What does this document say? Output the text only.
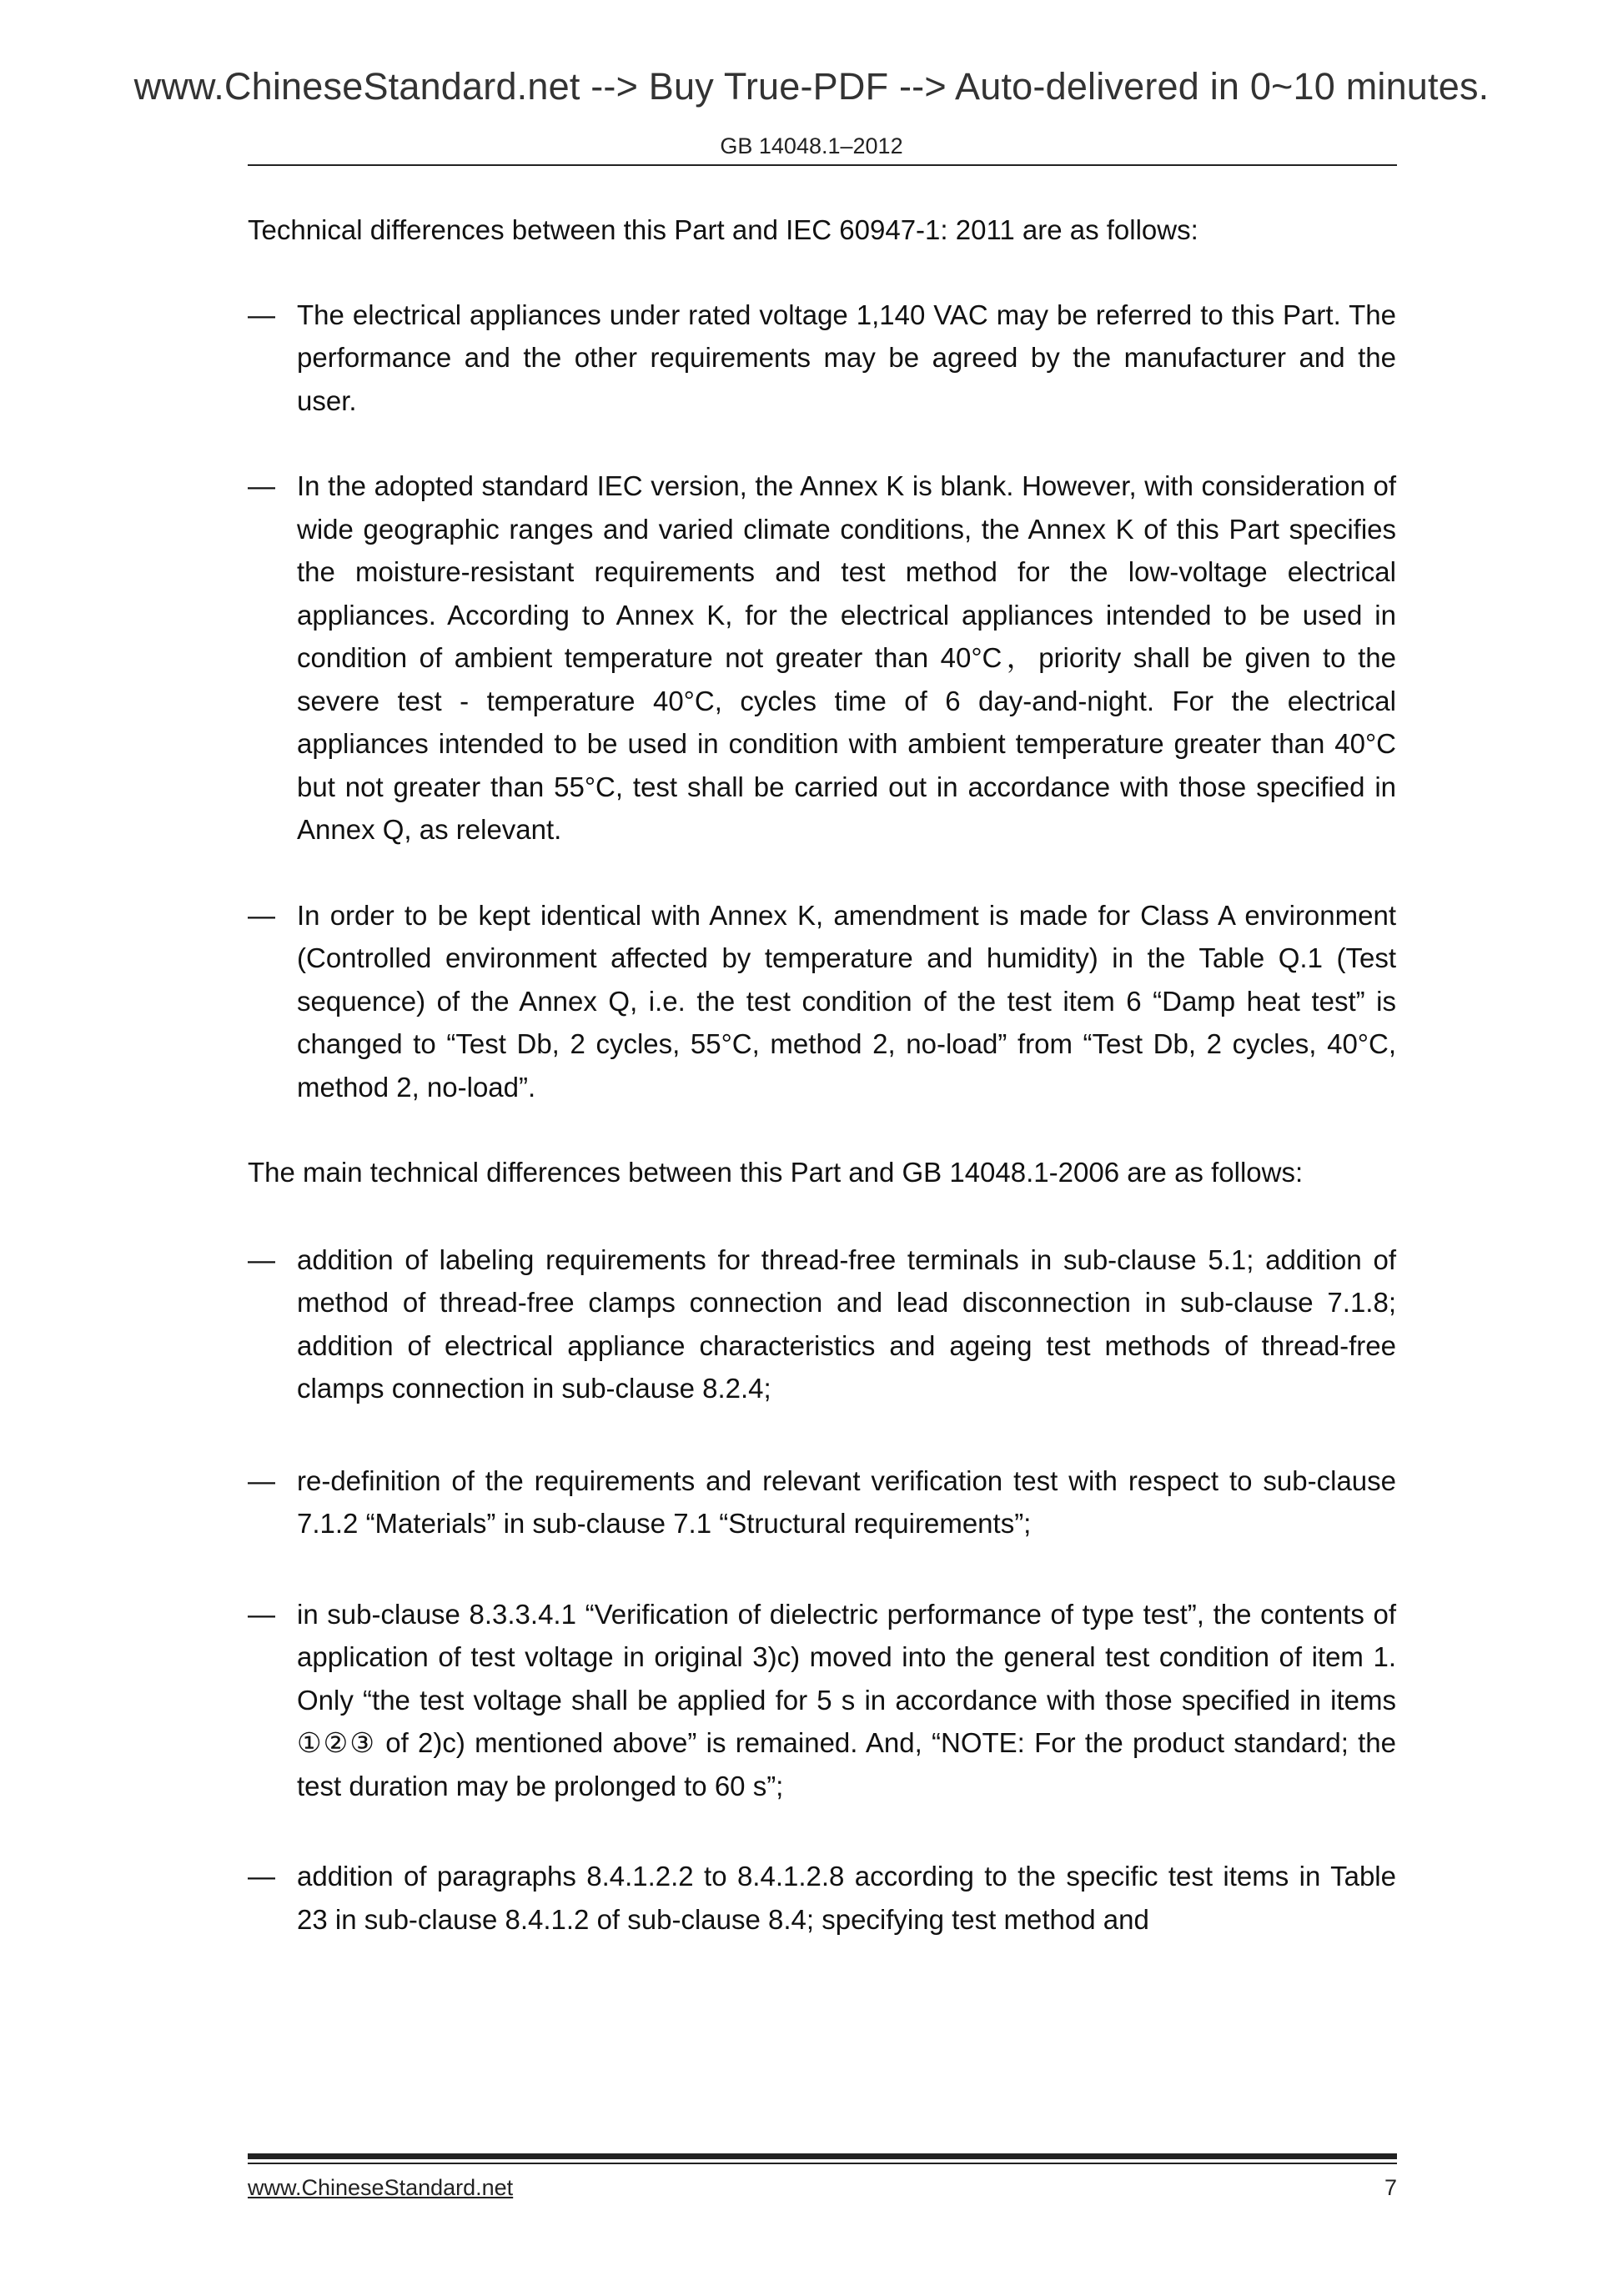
www.ChineseStandard.net --> Buy True-PDF --> Auto-delivered in 0~10 minutes.
GB 14048.1–2012

Technical differences between this Part and IEC 60947-1: 2011 are as follows:

— The electrical appliances under rated voltage 1,140 VAC may be referred to this Part. The performance and the other requirements may be agreed by the manufacturer and the user.
— In the adopted standard IEC version, the Annex K is blank. However, with consideration of wide geographic ranges and varied climate conditions, the Annex K of this Part specifies the moisture-resistant requirements and test method for the low-voltage electrical appliances. According to Annex K, for the electrical appliances intended to be used in condition of ambient temperature not greater than 40°C，priority shall be given to the severe test - temperature 40°C, cycles time of 6 day-and-night. For the electrical appliances intended to be used in condition with ambient temperature greater than 40°C but not greater than 55°C, test shall be carried out in accordance with those specified in Annex Q, as relevant.
— In order to be kept identical with Annex K, amendment is made for Class A environment (Controlled environment affected by temperature and humidity) in the Table Q.1 (Test sequence) of the Annex Q, i.e. the test condition of the test item 6 “Damp heat test” is changed to “Test Db, 2 cycles, 55°C, method 2, no-load” from “Test Db, 2 cycles, 40°C, method 2, no-load”.

The main technical differences between this Part and GB 14048.1-2006 are as follows:

— addition of labeling requirements for thread-free terminals in sub-clause 5.1; addition of method of thread-free clamps connection and lead disconnection in sub-clause 7.1.8; addition of electrical appliance characteristics and ageing test methods of thread-free clamps connection in sub-clause 8.2.4;
— re-definition of the requirements and relevant verification test with respect to sub-clause 7.1.2 “Materials” in sub-clause 7.1 “Structural requirements”;
— in sub-clause 8.3.3.4.1 “Verification of dielectric performance of type test”, the contents of application of test voltage in original 3)c) moved into the general test condition of item 1. Only “the test voltage shall be applied for 5 s in accordance with those specified in items ①②③ of 2)c) mentioned above” is remained. And, “NOTE: For the product standard; the test duration may be prolonged to 60 s”;
— addition of paragraphs 8.4.1.2.2 to 8.4.1.2.8 according to the specific test items in Table 23 in sub-clause 8.4.1.2 of sub-clause 8.4; specifying test method and
www.ChineseStandard.net	7
